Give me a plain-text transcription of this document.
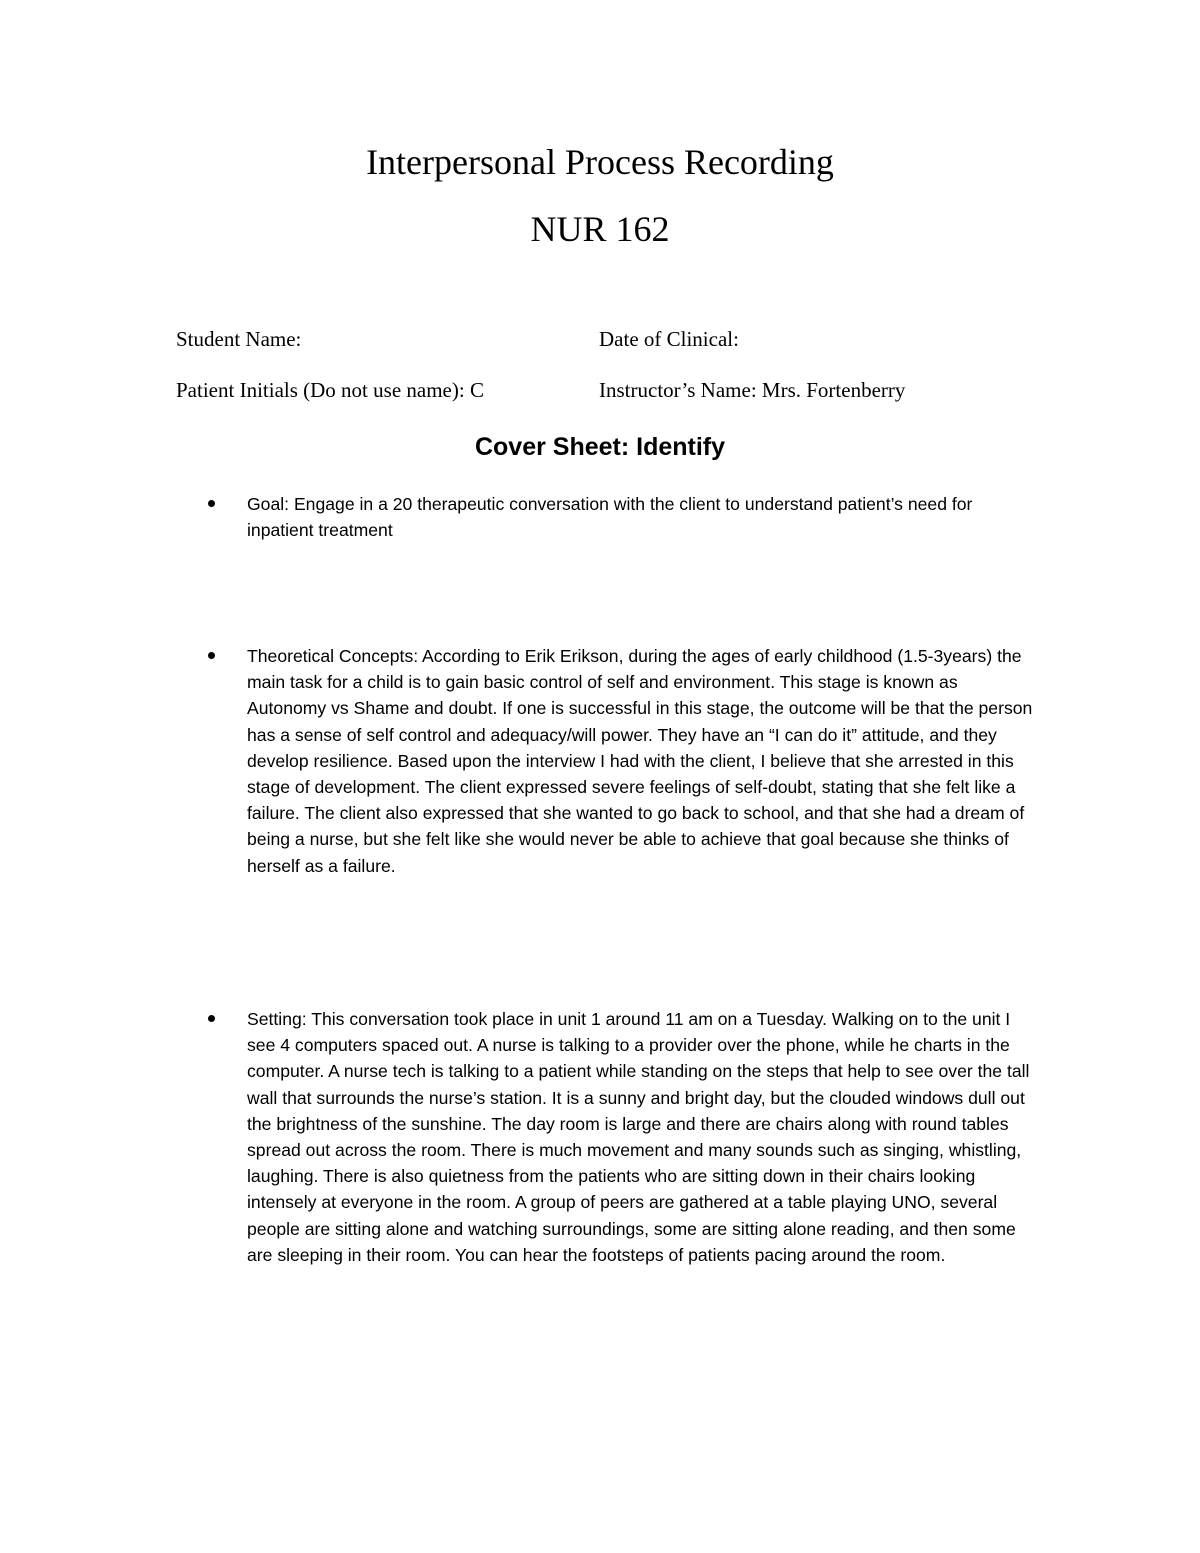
Interpersonal Process Recording
NUR 162
Student Name:	Date of Clinical:
Patient Initials (Do not use name): C	Instructor’s Name: Mrs. Fortenberry
Cover Sheet: Identify
Goal: Engage in a 20 therapeutic conversation with the client to understand patient’s need for inpatient treatment
Theoretical Concepts: According to Erik Erikson, during the ages of early childhood (1.5-3years) the main task for a child is to gain basic control of self and environment. This stage is known as Autonomy vs Shame and doubt. If one is successful in this stage, the outcome will be that the person has a sense of self control and adequacy/will power. They have an “I can do it” attitude, and they develop resilience. Based upon the interview I had with the client, I believe that she arrested in this stage of development. The client expressed severe feelings of self-doubt, stating that she felt like a failure. The client also expressed that she wanted to go back to school, and that she had a dream of being a nurse, but she felt like she would never be able to achieve that goal because she thinks of herself as a failure.
Setting: This conversation took place in unit 1 around 11 am on a Tuesday. Walking on to the unit I see 4 computers spaced out. A nurse is talking to a provider over the phone, while he charts in the computer. A nurse tech is talking to a patient while standing on the steps that help to see over the tall wall that surrounds the nurse’s station. It is a sunny and bright day, but the clouded windows dull out the brightness of the sunshine. The day room is large and there are chairs along with round tables spread out across the room. There is much movement and many sounds such as singing, whistling, laughing. There is also quietness from the patients who are sitting down in their chairs looking intensely at everyone in the room. A group of peers are gathered at a table playing UNO, several people are sitting alone and watching surroundings, some are sitting alone reading, and then some are sleeping in their room. You can hear the footsteps of patients pacing around the room.
